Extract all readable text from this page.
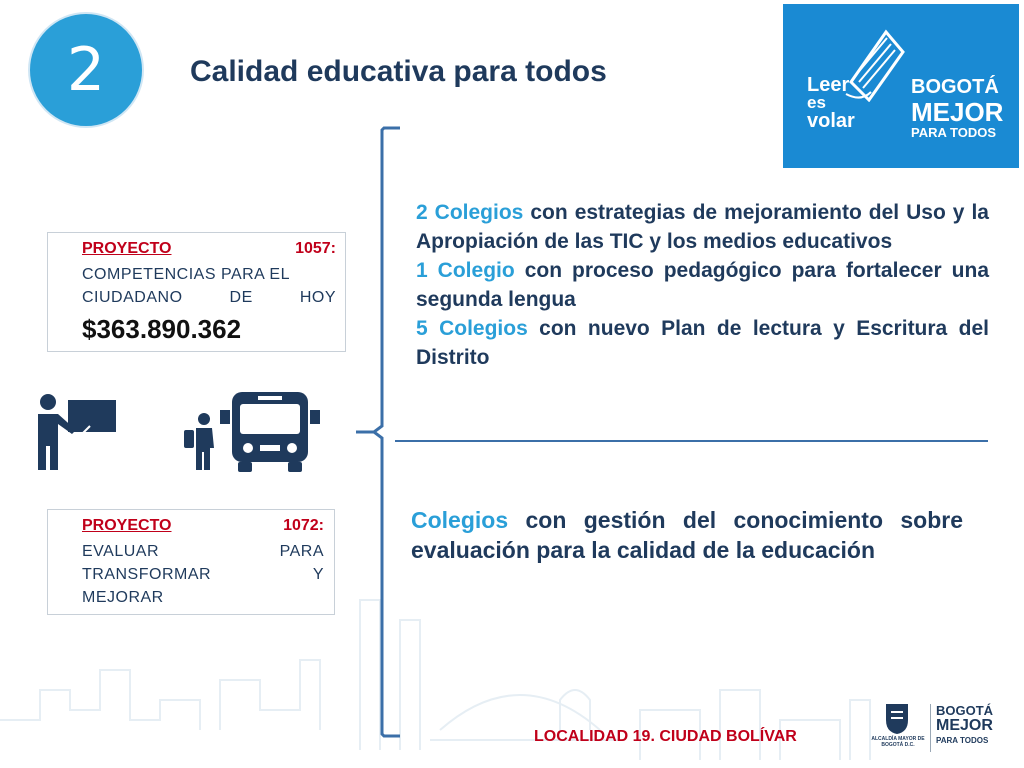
2	Calidad educativa para todos	Leer
es
volar
BOGOTÁ
MEJOR
PARA TODOS
PROYECTO	1057:
COMPETENCIAS PARA EL
CIUDADANO	DE	HOY
$363.890.362
PROYECTO	1072:
EVALUAR	PARA
TRANSFORMAR	Y
MEJORAR
2 Colegios con estrategias de mejoramiento del Uso y la Apropiación de las TIC y los medios educativos
1 Colegio con proceso pedagógico para fortalecer una segunda lengua
5 Colegios con nuevo Plan de lectura y Escritura del Distrito
Colegios con gestión del conocimiento sobre evaluación para la calidad de la educación
LOCALIDAD 19. CIUDAD BOLÍVAR	ALCALDÍA MAYOR DE BOGOTÁ D.C.
BOGOTÁ
MEJOR
PARA TODOS
